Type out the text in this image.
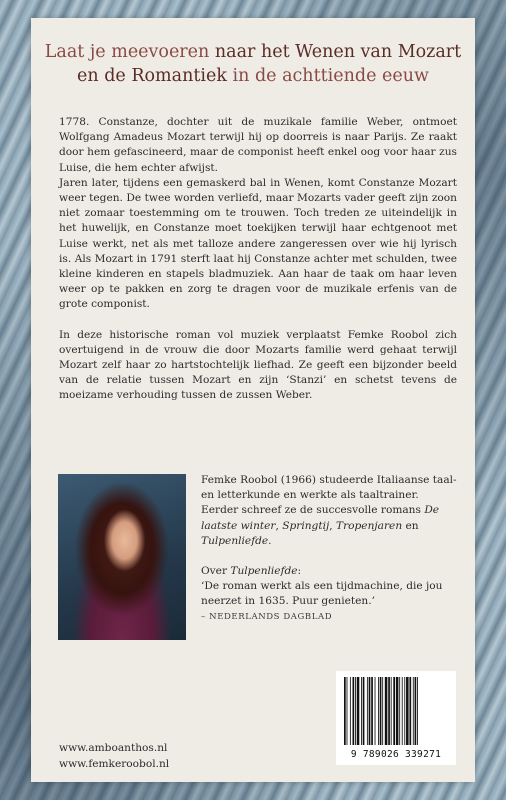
Laat je meevoeren naar het Wenen van Mozart
en de Romantiek in de achttiende eeuw

1778. Constanze, dochter uit de muzikale familie Weber, ontmoet Wolfgang Amadeus Mozart terwijl hij op doorreis is naar Parijs. Ze raakt door hem gefascineerd, maar de componist heeft enkel oog voor haar zus Luise, die hem echter afwijst.

Jaren later, tijdens een gemaskerd bal in Wenen, komt Constanze Mozart weer tegen. De twee worden verliefd, maar Mozarts vader geeft zijn zoon niet zomaar toestemming om te trouwen. Toch treden ze uiteindelijk in het huwelijk, en Constanze moet toekijken terwijl haar echtgenoot met Luise werkt, net als met talloze andere zangeressen over wie hij lyrisch is. Als Mozart in 1791 sterft laat hij Constanze achter met schulden, twee kleine kinderen en stapels bladmuziek. Aan haar de taak om haar leven weer op te pakken en zorg te dragen voor de muzikale erfenis van de grote componist.

In deze historische roman vol muziek verplaatst Femke Roobol zich overtuigend in de vrouw die door Mozarts familie werd gehaat terwijl Mozart zelf haar zo hartstochtelijk liefhad. Ze geeft een bijzonder beeld van de relatie tussen Mozart en zijn ‘Stanzi’ en schetst tevens de moeizame verhouding tussen de zussen Weber.

Femke Roobol (1966) studeerde Italiaanse taal- en letterkunde en werkte als taaltrainer. Eerder schreef ze de succesvolle romans De laatste winter, Springtij, Tropenjaren en Tulpenliefde.

Over Tulpenliefde:

‘De roman werkt als een tijdmachine, die jou neerzet in 1635. Puur genieten.’

– NEDERLANDS DAGBLAD

9 789026 339271
www.amboanthos.nl
www.femkeroobol.nl
